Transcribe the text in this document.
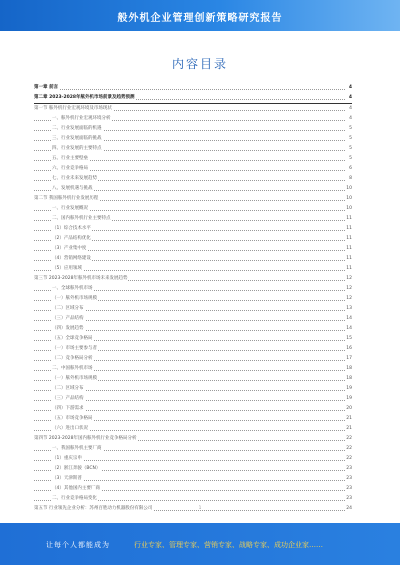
般外机企业管理创新策略研究报告
内容目录
第一章 前言	4
第二章 2023-2028年舷外机市场前景及趋势预测	4
第一节 舷外机行业宏观环境及市场现状	4
一、舷外机行业宏观环境分析	4
二、行业发展面临的机遇	5
三、行业发展面临的挑战	5
四、行业发展的主要特点	5
五、行业主要壁垒	5
六、行业竞争格局	6
七、行业未来发展趋势	8
八、发展机遇与挑战	10
第二节 我国舷外机行业发展历程	10
一、行业发展概况	10
二、国内舷外机行业主要特点	11
（1）综合技术水平	11
（2）产品结构优化	11
（3）产业集中度	11
（4）营销网络建设	11
（5）应用领域	11
第三节 2023-2028年舷外机市场未来发展趋势	12
一、全球舷外机市场	12
（一）舷外机市场规模	12
（二）区域分布	13
（三）产品结构	14
（四）发展趋势	14
（五）全球竞争格局	15
（一）市场主要参与者	16
（二）竞争格局分析	17
二、中国舷外机市场	18
（一）舷外机市场规模	18
（二）区域分布	19
（三）产品结构	19
（四）下游需求	20
（五）市场竞争格局	21
（六）进出口状况	21
第四节 2023-2028年国内舷外机行业竞争格局分析	22
一、我国舷外机主要厂商	22
（1）重庆宗申	22
（2）浙江奔骏（BCN）	23
（3）天津斯普	23
（4）其他国内主要厂商	23
二、行业竞争格局变化	23
第五节 行业领先企业分析：苏州百胜动力机器股份有限公司	24
1
让每个人都能成为	行业专家、管理专家、营销专家、战略专家、成功企业家……
